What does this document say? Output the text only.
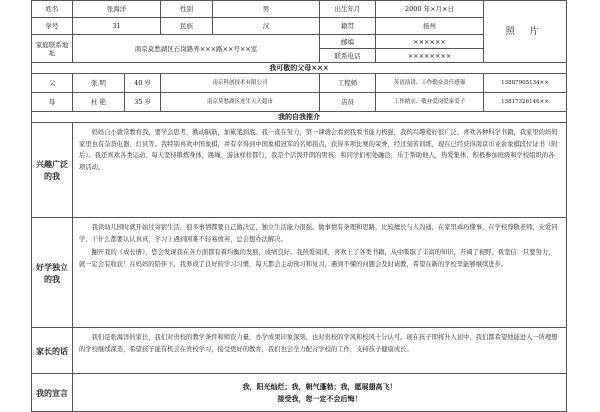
姓名	张海洋		性别	男	出生年月	2000 年×月×日	照 片
学号	31		民族	汉	籍贯	扬州	
家庭联系地址	南京莫愁湖区石岗路弄×××路××号××室				邮编	××××××	
					联系电话	××××××××	
我可敬的父母×××							
父	张 明	40 岁	南京科创技术有限公司		工程师	英语演讲、工作勤奋责任感强	13887905134××
母	杜 艳	35 岁	南京莫愁湖区连生天天超市		店员	工作踏实、敬业爱岗爱家爱子	13817326146××
我的自我推介							
兴趣广泛的我	妈妈自小就常教育我，要学会思考，勤动脑筋，加累笔到底。我一直在努力，第一课就会看到我看书能力极强，我的兴趣爱好很广泛，喜欢各种科学书籍，我家里的妈妈家里也有杂货电器、灯具等。我特别喜欢中国象棋，并有幸得到中国象棋冠军的名师指点，获得多项比赛的荣誉，经过刻苦训练，现在已经获得南京市业余象棋段位证书（附后）。我还喜欢各类运动，每天坚持锻炼身体，跳绳、游泳样样都行，我是个活泼开朗的男孩，和同学们相处融洽，乐于帮助他人，热爱集体，积极参加班级和学校组织的各项活动。						

好学独立的我	我读幼儿园时就开始过寄宿生活，很多事情都要自己做决定，独立生活能力很强。做事情有条理和思路，比较擅长与人沟通，在家里乖巧懂事，在学校尊敬老师，友爱同学，干什么都要认认真真，学习上遇到困难不轻易放弃，总会想办法解决。

翻开我的《成长册》，您会发现我在各方面都有着均衡的发展，成绩良好。我热爱阅读，喜欢上了各类书籍，从中吸取了丰富的知识，开阔了视野。我坚信：只要努力，就一定会有收获！在妈妈的陪伴下，我养成了良好的学习习惯，每天都会主动预习和复习，遇到不懂的问题会及时请教，希望在新的学校里能够继续进步。						

家长的话	我们是张海洋的家长，我们对贵校的教学条件和师资力量，办学成果印象深刻，也对贵校的学风和校风十分认可。现在孩子即将升入初中，我们都希望他能进入一所理想的学校继续深造，希望孩子能有机会在贵校学习，接受更好的教育，我们也会全力配合学校的工作，支持孩子健康成长。						

我的宣言	我，阳光灿烂；我，朝气蓬勃；我，愿展翅高飞！
接受我，您一定不会后悔！						
